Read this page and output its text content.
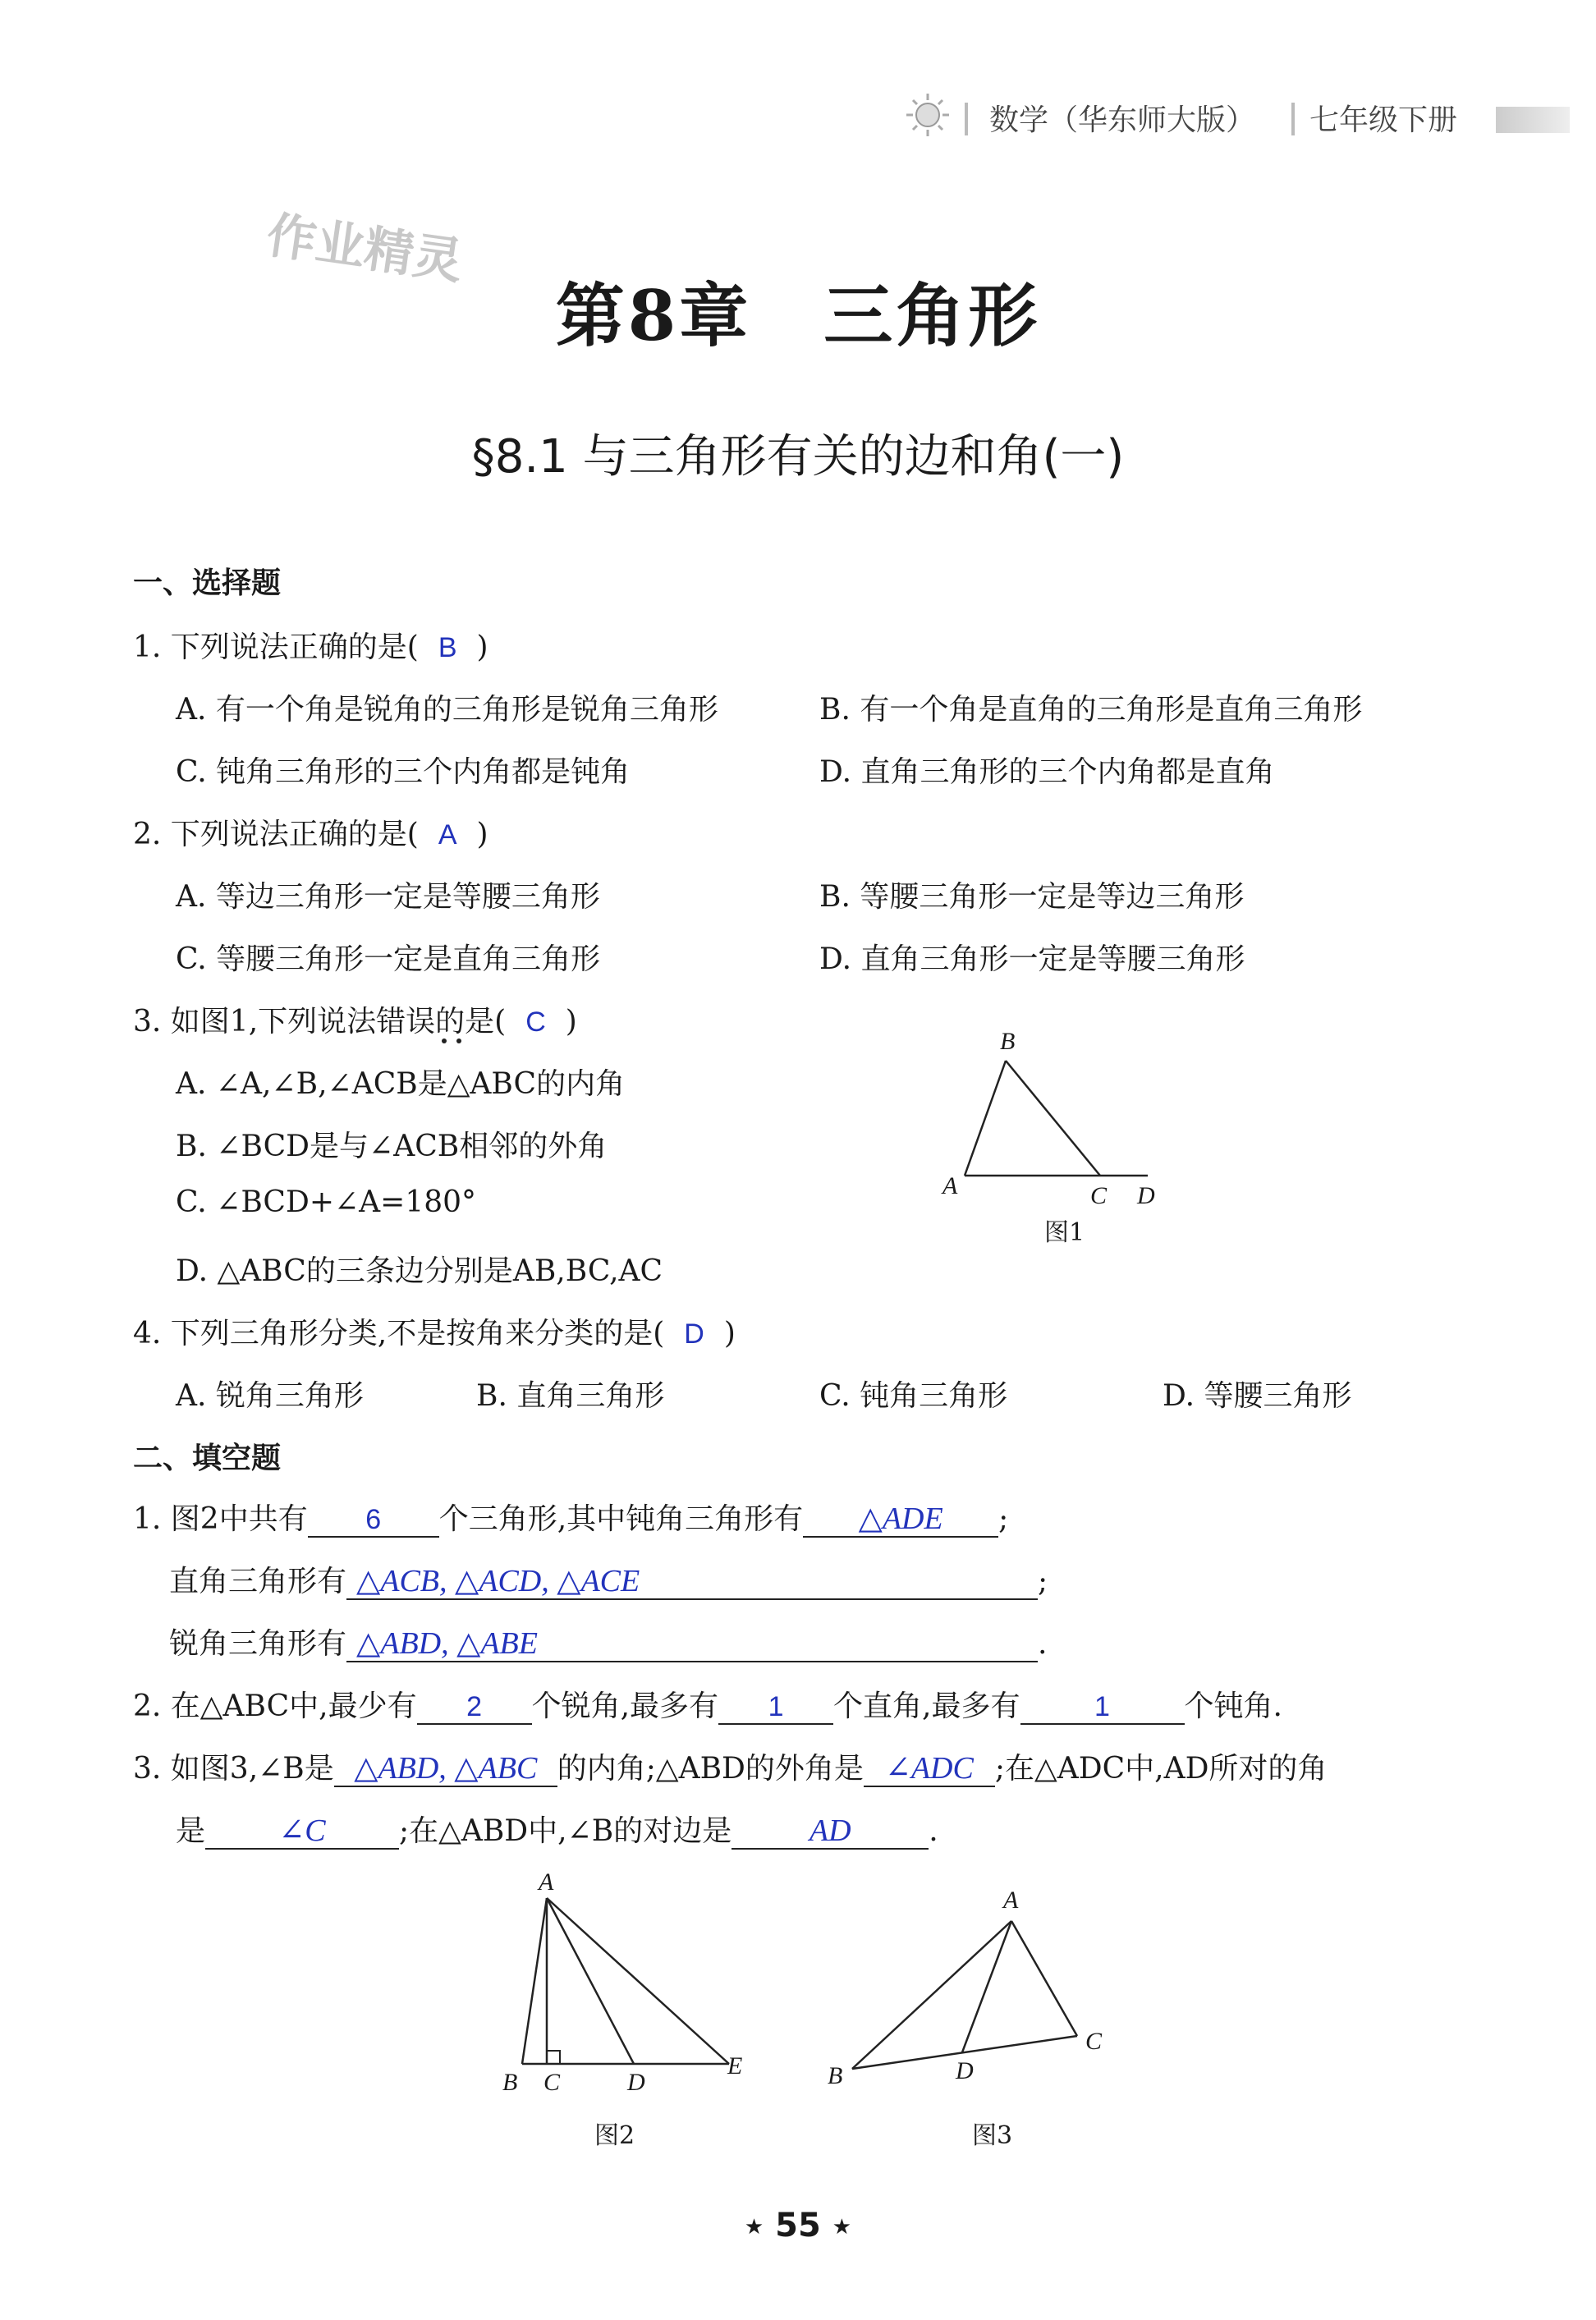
数学（华东师大版） 七年级下册
作业精灵
第8章　三角形
§8.1 与三角形有关的边和角(一)
一、选择题
1. 下列说法正确的是( B )
A. 有一个角是锐角的三角形是锐角三角形	B. 有一个角是直角的三角形是直角三角形
C. 钝角三角形的三个内角都是钝角	D. 直角三角形的三个内角都是直角
2. 下列说法正确的是( A )
A. 等边三角形一定是等腰三角形	B. 等腰三角形一定是等边三角形
C. 等腰三角形一定是直角三角形	D. 直角三角形一定是等腰三角形
3. 如图1,下列说法错误的是( C )
A. ∠A,∠B,∠ACB是△ABC的内角
B. ∠BCD是与∠ACB相邻的外角
C. ∠BCD+∠A=180°
D. △ABC的三条边分别是AB,BC,AC
B
A	C D
图1
4. 下列三角形分类,不是按角来分类的是( D )
A. 锐角三角形	B. 直角三角形	C. 钝角三角形	D. 等腰三角形
二、填空题
1. 图2中共有 6 个三角形,其中钝角三角形有 △ADE ;
直角三角形有 △ACB, △ACD, △ACE	;
锐角三角形有 △ABD, △ABE	.
2. 在△ABC中,最少有 2 个锐角,最多有 1 个直角,最多有	1	个钝角.
3. 如图3,∠B是 △ABD, △ABC 的内角;△ABD的外角是 ∠ADC ;在△ADC中,AD所对的角
是 ∠C ;在△ABD中,∠B的对边是 AD	.
A
B C	D
E
图2
A
B
C
D
图3
★ 55 ★
